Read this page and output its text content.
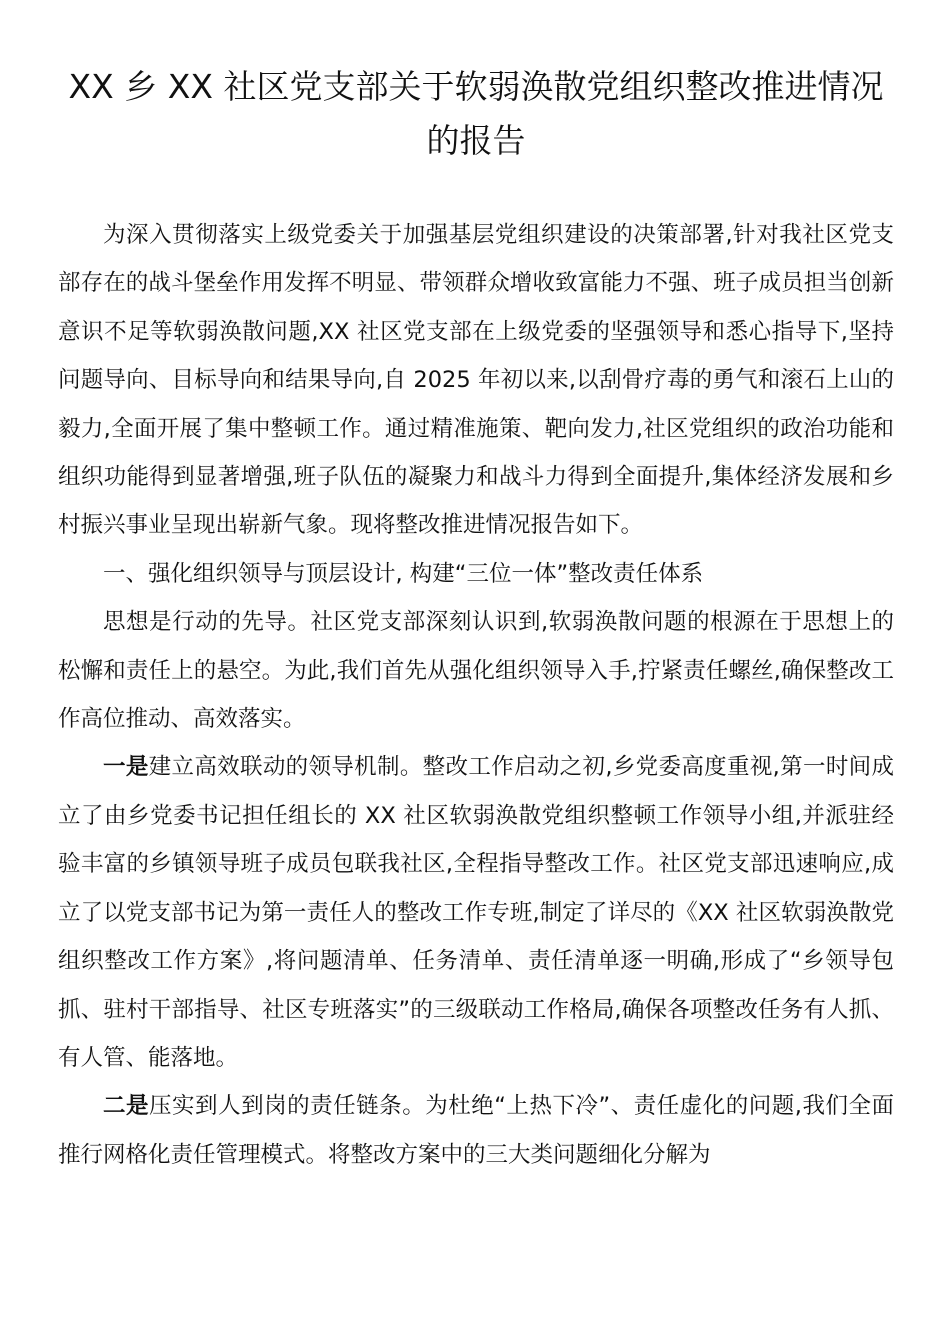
XX 乡 XX 社区党支部关于软弱涣散党组织整改推进情况的报告

为深入贯彻落实上级党委关于加强基层党组织建设的决策部署,针对我社区党支部存在的战斗堡垒作用发挥不明显、带领群众增收致富能力不强、班子成员担当创新意识不足等软弱涣散问题,XX 社区党支部在上级党委的坚强领导和悉心指导下,坚持问题导向、目标导向和结果导向,自 2025 年初以来,以刮骨疗毒的勇气和滚石上山的毅力,全面开展了集中整顿工作。通过精准施策、靶向发力,社区党组织的政治功能和组织功能得到显著增强,班子队伍的凝聚力和战斗力得到全面提升,集体经济发展和乡村振兴事业呈现出崭新气象。现将整改推进情况报告如下。

一、强化组织领导与顶层设计, 构建“三位一体”整改责任体系

思想是行动的先导。社区党支部深刻认识到,软弱涣散问题的根源在于思想上的松懈和责任上的悬空。为此,我们首先从强化组织领导入手,拧紧责任螺丝,确保整改工作高位推动、高效落实。

一是建立高效联动的领导机制。整改工作启动之初,乡党委高度重视,第一时间成立了由乡党委书记担任组长的 XX 社区软弱涣散党组织整顿工作领导小组,并派驻经验丰富的乡镇领导班子成员包联我社区,全程指导整改工作。社区党支部迅速响应,成立了以党支部书记为第一责任人的整改工作专班,制定了详尽的《XX 社区软弱涣散党组织整改工作方案》,将问题清单、任务清单、责任清单逐一明确,形成了“乡领导包抓、驻村干部指导、社区专班落实”的三级联动工作格局,确保各项整改任务有人抓、有人管、能落地。

二是压实到人到岗的责任链条。为杜绝“上热下冷”、责任虚化的问题,我们全面推行网格化责任管理模式。将整改方案中的三大类问题细化分解为
